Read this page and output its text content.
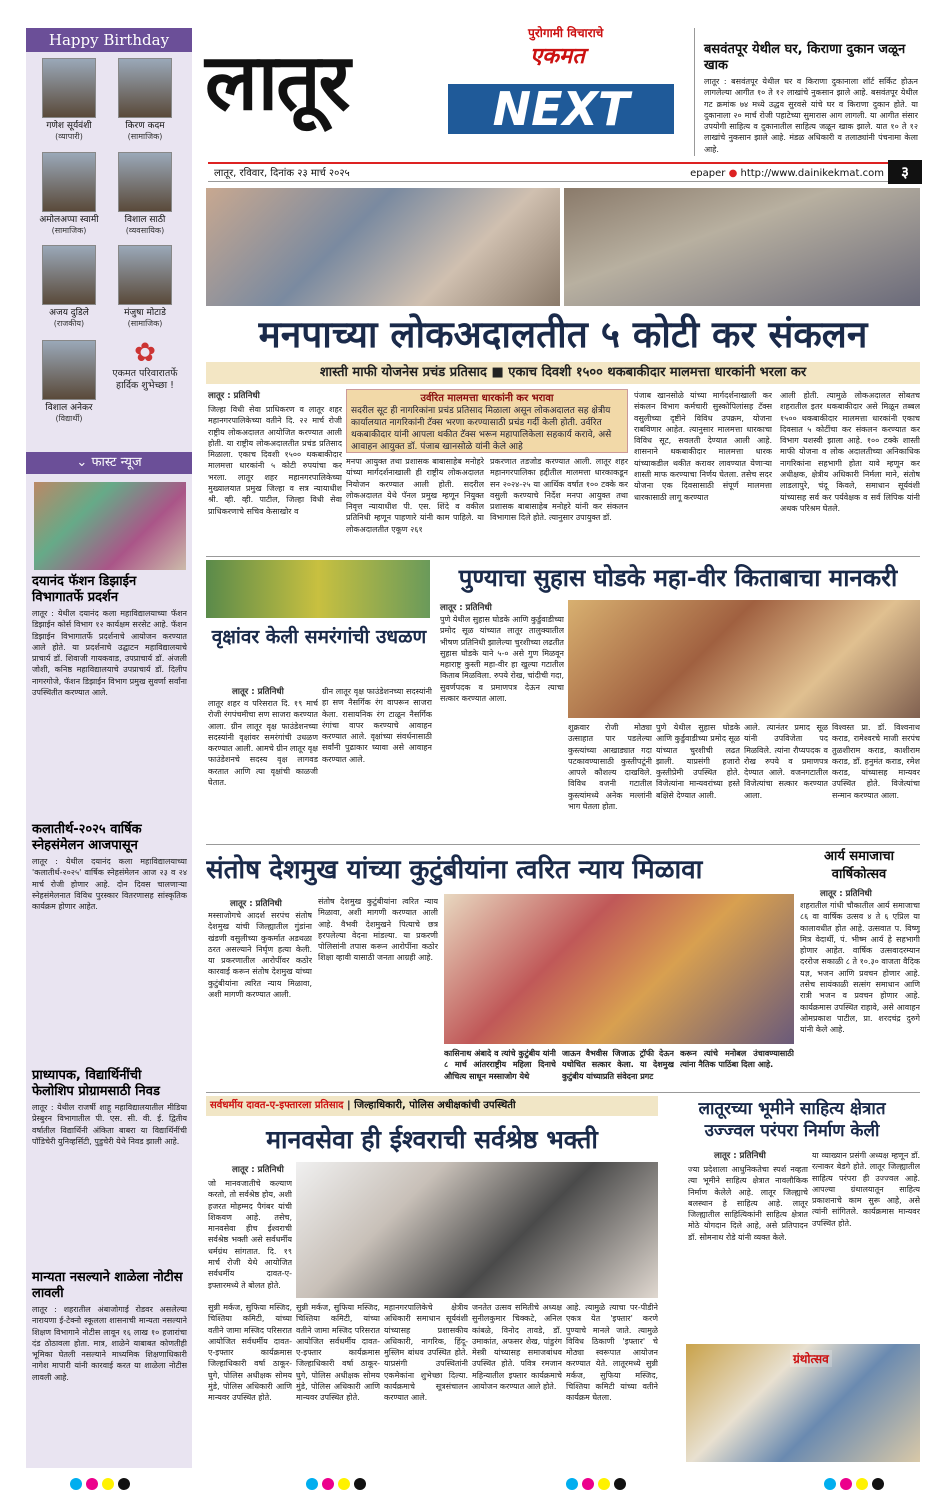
Happy Birthday
गणेश सूर्यवंशी
(व्यापारी)
किरण कदम
(सामाजिक)
अमोलअप्पा स्वामी
(सामाजिक)
विशाल साठी
(व्यवसायिक)
अजय दुडिले
(राजकीय)
मंजुषा मोटाडे
(सामाजिक)
विशाल अनेकर
(विद्यार्थी)
✿
एकमत परिवारातर्फे हार्दिक शुभेच्छा !
⌄ फास्ट न्यूज
दयानंद फॅशन डिझाईन विभागातर्फे प्रदर्शन
लातूर : येथील दयानंद कला महाविद्यालयाच्या फॅशन डिझाईन कोर्स विभाग १२ कार्यक्षम सरसेट आहे. फॅशन डिझाईन विभागातर्फे प्रदर्शनाचे आयोजन करण्यात आले होते. या प्रदर्शनाचे उद्घाटन महाविद्यालयाचे प्राचार्य डॉ. शिवाजी गायकवाड, उपप्राचार्य डॉ. अंजली जोशी, कनिष्ठ महाविद्यालयाचे उपप्राचार्य डॉ. दिलीप नागरगोजे, फॅशन डिझाईन विभाग प्रमुख सुवर्णा सर्वांना उपस्थितीत करण्यात आले.
कलातीर्थ-२०२५ वार्षिक स्नेहसंमेलन आजपासून
लातूर : येथील दयानंद कला महाविद्यालयाच्या 'कलातीर्थ-२०२५' वार्षिक स्नेहसंमेलन आज २३ व २४ मार्च रोजी होणार आहे. दोन दिवस चालणाऱ्या स्नेहसंमेलनात विविध पुरस्कार वितरणासह सांस्कृतिक कार्यक्रम होणार आहेत.
प्राध्यापक, विद्यार्थिनींची फेलोशिप प्रोग्रामसाठी निवड
लातूर : येथील राजर्षी शाहू महाविद्यालयातील मीडिया प्रेस्बुरन विभागातील पी. एस. सी. वी. ई. द्वितीय वर्षातील विद्यार्थिनी अंकिता बाबरा या विद्यार्थिनींची पॉडिचेरी युनिव्हर्सिटी, पुडुचेरी येथे निवड झाली आहे.
मान्यता नसल्याने शाळेला नोटीस लावली
लातूर : शहरातील अंबाजोगाई रोडवर असलेल्या नारायणा ई-टेक्नो स्कूलला शासनाची मान्यता नसल्याने शिक्षण विभागाने नोटीस लावून १६ लाख १० हजारांचा दंड ठोठावला होता. मात्र, शाळेने याबाबत कोणतीही भूमिका घेतली नसल्याने माध्यमिक शिक्षणाधिकारी नागेश मापारी यांनी कारवाई करत या शाळेला नोटीस लावली आहे.
लातूर
पुरोगामी विचाराचे
एकमत
NEXT
बसवंतपूर येथील घर, किराणा दुकान जळून खाक
लातूर : बसवंतपूर येथील घर व किराणा दुकानाला शॉर्ट सर्किट होऊन लागलेल्या आगीत १० ते १२ लाखांचे नुकसान झाले आहे. बसवंतपूर येथील गट क्रमांक ७४ मध्ये उद्धव सुरवसे यांचे घर व किराणा दुकान होते. या दुकानाला २० मार्च रोजी पहाटेच्या सुमारास आग लागली. या आगीत संसार उपयोगी साहित्य व दुकानातील साहित्य जळून खाक झाले. यात १० ते १२ लाखांचे नुकसान झाले आहे. मंडळ अधिकारी व तलाठ्यांनी पंचनामा केला आहे.
लातूर, रविवार, दिनांक २३ मार्च २०२५	epaper ● http://www.dainikekmat.com	३
मनपाच्या लोकअदालतीत ५ कोटी कर संकलन
शास्ती माफी योजनेस प्रचंड प्रतिसाद ■ एकाच दिवशी १५०० थकबाकीदार मालमत्ता धारकांनी भरला कर
लातूर : प्रतिनिधी	उर्वरित मालमत्ता धारकांनी कर भरावा
सदरील सूट ही नागरिकांना प्रचंड प्रतिसाद मिळाला असून लोकअदालत सह क्षेत्रीय कार्यालयात नागरिकांनी टॅक्स भरणा करण्यासाठी प्रचंड गर्दी केली होती. उर्वरित थकबाकीदार यांनी आपला थकीत टॅक्स भरून महापालिकेला सहकार्य करावे, असे आवाहन आयुक्त डॉ. पंजाब खानसोळे यांनी केले आहे
जिल्हा विधी सेवा प्राधिकरण व लातूर शहर महानगरपालिकेच्या वतीने दि. २२ मार्च रोजी राष्ट्रीय लोकअदालत आयोजित करण्यात आली होती. या राष्ट्रीय लोकअदालतीत प्रचंड प्रतिसाद मिळाला. एकाच दिवशी १५०० थकबाकीदार मालमत्ता धारकांनी ५ कोटी रुपयांचा कर भरला. लातूर शहर महानगरपालिकेच्या मुख्यालयात प्रमुख जिल्हा व सत्र न्यायाधीश श्री. व्ही. व्ही. पाटील, जिल्हा विधी सेवा प्राधिकरणाचे सचिव केसाखोर व
मनपा आयुक्त तथा प्रशासक बाबासाहेब मनोहरे यांच्या मार्गदर्शनाखाली ही राष्ट्रीय लोकअदालत नियोजन करण्यात आली होती. सदरील लोकअदालत येथे पॅनल प्रमुख म्हणून नियुक्त निवृत्त न्यायाधीश पी. एस. शिंदे व वकील प्रतिनिधी म्हणून पाहणारे यांनी काम पाहिले. या लोकअदालतीत एकूण २६१
प्रकरणात तडजोड करण्यात आली. लातूर शहर महानगरपालिका हद्दीतील मालमत्ता धारकाकडून सन २०२४-२५ या आर्थिक वर्षात १०० टक्के कर वसुली करण्याचे निर्देश मनपा आयुक्त तथा प्रशासक बाबासाहेब मनोहरे यांनी कर संकलन विभागास दिले होते. त्यानुसार उपायुक्त डॉ.
पंजाब खानसोळे यांच्या मार्गदर्शनाखाली कर संकलन विभाग कर्मचारी सुस्कोपिलांसह टॅक्स वसुलीच्या दृष्टीने विविध उपक्रम, योजना राबविणार आहेत. त्यानुसार मालमत्ता धारकाचा विविध सूट, सवलती देण्यात आली आहे. शासनाने थकबाकीदार मालमत्ता धारक यांच्याकडील थकीत करावर लावण्यात येणाऱ्या शास्ती माफ करण्याचा निर्णय घेतला. तसेच सदर योजना एक दिवसासाठी संपूर्ण मालमत्ता धारकासाठी लागू करण्यात
आली होती. त्यामुळे लोकअदालत सोबतच शहरातील इतर थकबाकीदार असे मिळून तब्बल १५०० थकबाकीदार मालमत्ता धारकांनी एकाच दिवसात ५ कोटींचा कर संकलन करण्यात कर विभाग यशस्वी झाला आहे. १०० टक्के शास्ती माफी योजना व लोक अदालतीच्या अनिकाधिक नागरिकांना सहभागी होता यावे म्हणून कर अधीक्षक, क्षेत्रीय अधिकारी निर्मला माने, संतोष लाडलापुरे, चंदू किवले, समाधान सूर्यवंशी यांच्यासह सर्व कर पर्यवेक्षक व सर्व लिपिक यांनी अथक परिश्रम घेतले.
पुण्याचा सुहास घोडके महा-वीर किताबाचा मानकरी
लातूर : प्रतिनिधी
पुणे येथील सुहास घोडके आणि कुर्डुवाडीच्या प्रमोद सूळ यांच्यात लातूर तालुक्यातील भीषण प्रतिनिधी झालेल्या चुरशीच्या लढतीत सुहास घोडके याने ५-० असे गुण मिळवून महाराष्ट्र कुस्ती महा-वीर हा खुल्या गटातील किताब मिळविला. रुपये रोख, चांदीची गदा, सुवर्णपदक व प्रमाणपत्र देऊन त्याचा सत्कार करण्यात आला.
शुक्रवार रोजी मोठ्या उत्साहात पार पडलेल्या कुस्त्यांच्या आखाड्यात गदा पटकावण्यासाठी कुस्तीपटूंनी आपले कौशल्य दाखविले. विविध वजनी गटातील कुस्त्यांमध्ये अनेक मल्लांनी भाग घेतला होता.
पुणे येथील सुहास घोडके आणि कुर्डुवाडीच्या प्रमोद सूळ यांच्यात चुरशीची लढत झाली. याप्रसंगी हजारो कुस्तीप्रेमी उपस्थित होते. विजेत्यांना मान्यवरांच्या हस्ते बक्षिसे देण्यात आली.
आले. त्यानंतर प्रमाद सूळ यांनी उपविजेता पद मिळविले. त्यांना रौप्यपदक व रोख रुपये व प्रमाणपत्र देण्यात आले. वजनगटातील विजेत्यांचा सत्कार करण्यात आला.
विश्वस्त प्रा. डॉ. विश्वनाथ कराड, रामेश्वरचे माजी सरपंच तुळशीराम कराड, काशीराम कराड, डॉ. हनुमंत कराड, रमेश कराड, यांच्यासह मान्यवर उपस्थित होते. विजेत्यांचा सन्मान करण्यात आला.
वृक्षांवर केली समरंगांची उधळण
लातूर : प्रतिनिधी
लातूर शहर व परिसरात दि. १९ मार्च रोजी रंगपंचमीचा सण साजरा करण्यात आला. ग्रीन लातूर वृक्ष फाउंडेशनच्या सदस्यांनी वृक्षांवर समरंगांची उधळण करण्यात आली. आमचे ग्रीन लातूर वृक्ष फाउंडेशनचे सदस्य वृक्ष लागवड करतात आणि त्या वृक्षांची काळजी घेतात.
ग्रीन लातूर वृक्ष फाउंडेशनच्या सदस्यांनी हा सण नैसर्गिक रंग वापरून साजरा केला. रासायनिक रंग टाळून नैसर्गिक रंगांचा वापर करण्याचे आवाहन करण्यात आले. वृक्षांच्या संवर्धनासाठी सर्वांनी पुढाकार घ्यावा असे आवाहन करण्यात आले.
संतोष देशमुख यांच्या कुटुंबीयांना त्वरित न्याय मिळावा
लातूर : प्रतिनिधी
मस्साजोगचे आदर्श सरपंच संतोष देशमुख यांची जिल्ह्यातील गुंडांना खंडणी वसुलीच्या कुकर्मात अडथळा ठरत असल्याने निर्घृण हत्या केली. या प्रकरणातील आरोपींवर कठोर कारवाई करून संतोष देशमुख यांच्या कुटुंबीयांना त्वरित न्याय मिळावा, अशी मागणी करण्यात आली.
संतोष देशमुख कुटुंबीयांना त्वरित न्याय मिळावा, अशी मागणी करण्यात आली आहे. वैभवी देशमुखने पित्याचे छत्र हरपलेल्या वेदना मांडल्या. या प्रकरणी पोलिसांनी तपास करून आरोपींना कठोर शिक्षा व्हावी यासाठी जनता आग्रही आहे.
कासिनाथ अंबादे व त्यांचे कुटुंबीय यांनी ८ मार्च आंतरराष्ट्रीय महिला दिनाचे औचित्य साधून मस्साजोग येथे
जाऊन वैभवीस जिजाऊ ट्रॉफी देऊन यथोचित सत्कार केला. या देशमुख कुटुंबीय यांच्याप्रति संवेदना प्रगट
करून त्यांचे मनोबल उंचावण्यासाठी त्यांना नैतिक पाठिंबा दिला आहे.
आर्य समाजाचा
वार्षिकोत्सव
लातूर : प्रतिनिधी
शहरातील गांधी चौकातील आर्य समाजाचा ८६ वा वार्षिक उत्सव ४ ते ६ एप्रिल या कालावधीत होत आहे. उत्सवात प. विष्णू मित्र वेदार्थी, पं. भीष्म आर्य हे सहभागी होणार आहेत. वार्षिक उत्सवादरम्यान दररोज सकाळी ८ ते १०.३० वाजता वैदिक यज्ञ, भजन आणि प्रवचन होणार आहे. तसेच सायंकाळी सत्संग समाधान आणि रात्री भजन व प्रवचन होणार आहे. कार्यक्रमास उपस्थित राहावे, असे आवाहन ओमप्रकाश पाटील, प्रा. शरदचंद्र दुरुगे यांनी केले आहे.
सर्वधर्मीय दावत-ए-इफ्तारला प्रतिसाद | जिल्हाधिकारी, पोलिस अधीक्षकांची उपस्थिती
मानवसेवा ही ईश्वराची सर्वश्रेष्ठ भक्ती
लातूर : प्रतिनिधी
जो मानवजातीचे कल्याण करतो, तो सर्वश्रेष्ठ होय, अशी हजरत मोहम्मद पैगंबर यांची शिकवण आहे. तसेच, मानवसेवा हीच ईश्वराची सर्वश्रेष्ठ भक्ती असे सर्वधर्मीय धर्मग्रंथ सांगतात. दि. १९ मार्च रोजी येथे आयोजित सर्वधर्मीय दावत-ए-इफ्तारमध्ये ते बोलत होते.
सुन्नी मर्कज, सुफिया मस्जिद, चिश्तिया कमिटी, यांच्या वतीने जामा मस्जिद परिसरात आयोजित सर्वधर्मीय दावत-ए-इफ्तार कार्यक्रमास जिल्हाधिकारी वर्षा ठाकूर-घुगे, पोलिस अधीक्षक सोमय मुंडे, पोलिस अधिकारी आणि मान्यवर उपस्थित होते.
सुन्नी मर्कज, सुफिया मस्जिद, चिश्तिया कमिटी, यांच्या वतीने जामा मस्जिद परिसरात आयोजित सर्वधर्मीय दावत-ए-इफ्तार कार्यक्रमास जिल्हाधिकारी वर्षा ठाकूर-घुगे, पोलिस अधीक्षक सोमय मुंडे, पोलिस अधिकारी आणि मान्यवर उपस्थित होते.
महानगरपालिकेचे क्षेत्रीय अधिकारी समाधान सूर्यवंशी यांच्यासह प्रशासकीय अधिकारी, नागरिक, हिंदू-मुस्लिम बांधव उपस्थित होते. याप्रसंगी उपस्थितांनी एकमेकांना शुभेच्छा दिल्या. कार्यक्रमाचे सूत्रसंचालन करण्यात आले.
जनतेत उत्सव समितीचे अध्यक्ष सुनीलकुमार चिक्कटे, अनिल कांबळे, विनोद तावडे, डॉ. उमाकांत, अफसर शेख, पांडुरंग मेस्त्री यांच्यासह समाजबांधव उपस्थित होते. पवित्र रमजान महिन्यातील इफ्तार कार्यक्रमाचे आयोजन करण्यात आले होते.
आहे. त्यामुळे त्याचा पर-पीडीने एकत्र येत 'इफ्तार' करणे पुण्याचे मानले जाते. त्यामुळे विविध ठिकाणी 'इफ्तार' चे मोठ्या स्वरूपात आयोजन करण्यात येते. लातूरमध्ये सुन्नी मर्कज, सुफिया मस्जिद, चिश्तिया कमिटी यांच्या वतीने कार्यक्रम घेतला.
लातूरच्या भूमीने साहित्य क्षेत्रात
उज्ज्वल परंपरा निर्माण केली
लातूर : प्रतिनिधी
ज्या प्रदेशाला आधुनिकतेचा स्पर्श नव्हता त्या भूमीने साहित्य क्षेत्रात नावलौकिक निर्माण केलेले आहे. लातूर जिल्ह्याचे बलस्थान हे साहित्य आहे. लातूर जिल्ह्यातील साहित्यिकांनी साहित्य क्षेत्रात मोठे योगदान दिले आहे, असे प्रतिपादन डॉ. सोमनाथ रोडे यांनी व्यक्त केले.
या व्याख्यान प्रसंगी अध्यक्ष म्हणून डॉ. रत्नाकर बेडगे होते. लातूर जिल्ह्यातील साहित्य परंपरा ही उज्ज्वल आहे. आपल्या ग्रंथालयातून साहित्य प्रकाशनाचे काम सुरू आहे, असे त्यांनी सांगितले. कार्यक्रमास मान्यवर उपस्थित होते.
ग्रंथोत्सव
